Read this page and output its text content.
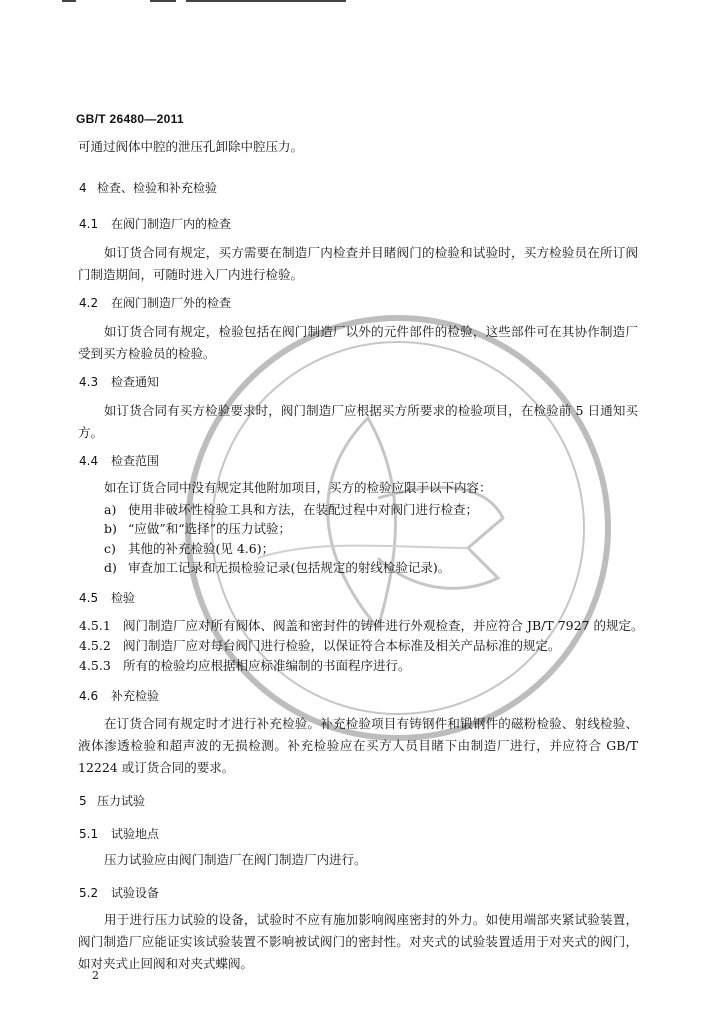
GB/T 26480—2011
可通过阀体中腔的泄压孔卸除中腔压力。
4 检查、检验和补充检验
4.1 在阀门制造厂内的检查
如订货合同有规定，买方需要在制造厂内检查并目睹阀门的检验和试验时，买方检验员在所订阀门制造期间，可随时进入厂内进行检验。
4.2 在阀门制造厂外的检查
如订货合同有规定，检验包括在阀门制造厂以外的元件部件的检验，这些部件可在其协作制造厂受到买方检验员的检验。
4.3 检查通知
如订货合同有买方检验要求时，阀门制造厂应根据买方所要求的检验项目，在检验前 5 日通知买方。
4.4 检查范围
如在订货合同中没有规定其他附加项目，买方的检验应限于以下内容：
a) 使用非破坏性检验工具和方法，在装配过程中对阀门进行检查；
b) “应做”和“选择”的压力试验；
c) 其他的补充检验(见 4.6)；
d) 审查加工记录和无损检验记录(包括规定的射线检验记录)。
4.5 检验
4.5.1 阀门制造厂应对所有阀体、阀盖和密封件的铸件进行外观检查，并应符合 JB/T 7927 的规定。
4.5.2 阀门制造厂应对每台阀门进行检验，以保证符合本标准及相关产品标准的规定。
4.5.3 所有的检验均应根据相应标准编制的书面程序进行。
4.6 补充检验
在订货合同有规定时才进行补充检验。补充检验项目有铸钢件和锻钢件的磁粉检验、射线检验、液体渗透检验和超声波的无损检测。补充检验应在买方人员目睹下由制造厂进行，并应符合 GB/T 12224 或订货合同的要求。
5 压力试验
5.1 试验地点
压力试验应由阀门制造厂在阀门制造厂内进行。
5.2 试验设备
用于进行压力试验的设备，试验时不应有施加影响阀座密封的外力。如使用端部夹紧试验装置，阀门制造厂应能证实该试验装置不影响被试阀门的密封性。对夹式的试验装置适用于对夹式的阀门，如对夹式止回阀和对夹式蝶阀。
2
